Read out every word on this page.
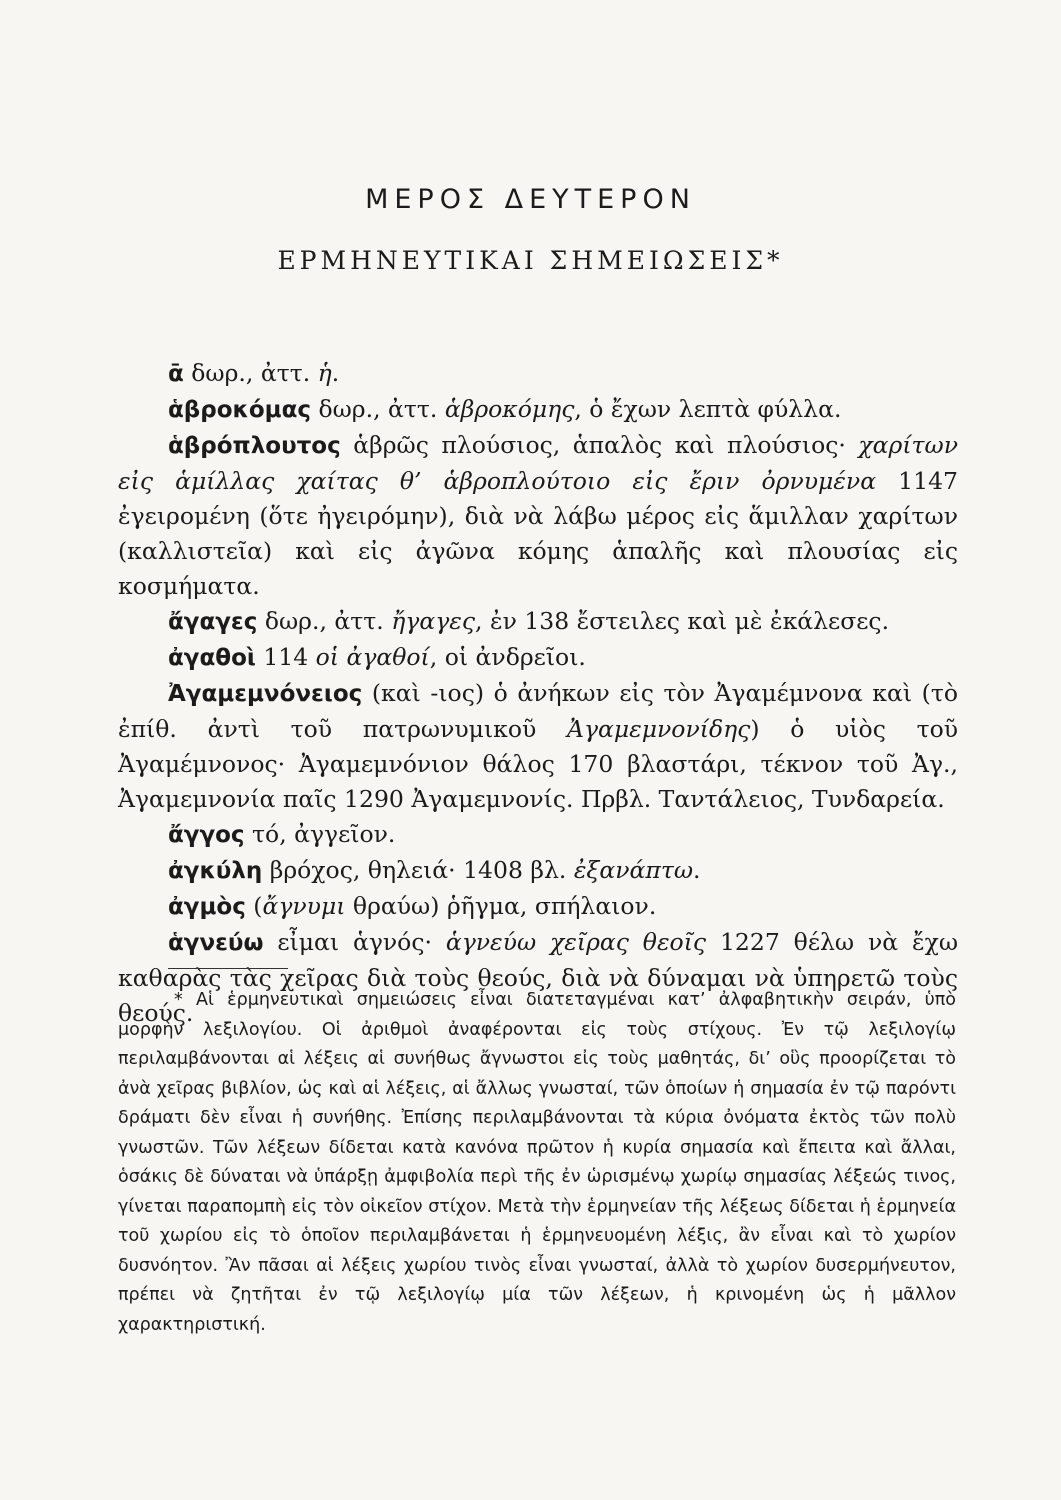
ΜΕΡΟΣ ΔΕΥΤΕΡΟΝ
ΕΡΜΗΝΕΥΤΙΚΑΙ ΣΗΜΕΙΩΣΕΙΣ*

ᾱ δωρ., ἀττ. ἡ.

ἁβροκόμας δωρ., ἀττ. ἁβροκόμης, ὁ ἔχων λεπτὰ φύλλα.

ἁβρόπλουτος ἁβρῶς πλούσιος, ἁπαλὸς καὶ πλούσιος· χαρίτων εἰς ἁμίλλας χαίτας θ’ ἁβροπλούτοιο εἰς ἔριν ὀρνυμένα 1147 ἐγειρομένη (ὅτε ἠγειρόμην), διὰ νὰ λάβω μέρος εἰς ἅμιλλαν χαρίτων (καλλιστεῖα) καὶ εἰς ἀγῶνα κόμης ἁπαλῆς καὶ πλουσίας εἰς κοσμήματα.

ἄγαγες δωρ., ἀττ. ἤγαγες, ἐν 138 ἔστειλες καὶ μὲ ἐκάλεσες.

ἀγαθοὶ 114 οἱ ἀγαθοί, οἱ ἀνδρεῖοι.

Ἀγαμεμνόνειος (καὶ -ιος) ὁ ἀνήκων εἰς τὸν Ἀγαμέμνονα καὶ (τὸ ἐπίθ. ἀντὶ τοῦ πατρωνυμικοῦ Ἀγαμεμνονίδης) ὁ υἱὸς τοῦ Ἀγαμέμνονος· Ἀγαμεμνόνιον θάλος 170 βλαστάρι, τέκνον τοῦ Ἀγ., Ἀγαμεμνονία παῖς 1290 Ἀγαμεμνονίς. Πρβλ. Ταντάλειος, Τυνδαρεία.

ἄγγος τό, ἀγγεῖον.

ἀγκύλη βρόχος, θηλειά· 1408 βλ. ἐξανάπτω.

ἀγμὸς (ἄγνυμι θραύω) ῥῆγμα, σπήλαιον.

ἁγνεύω εἶμαι ἁγνός· ἁγνεύω χεῖρας θεοῖς 1227 θέλω νὰ ἔχω καθαρὰς τὰς χεῖρας διὰ τοὺς θεούς, διὰ νὰ δύναμαι νὰ ὑπηρετῶ τοὺς θεούς.

* Αἱ ἑρμηνευτικαὶ σημειώσεις εἶναι διατεταγμέναι κατ’ ἀλφαβητικὴν σειράν, ὑπὸ μορφὴν λεξιλογίου. Οἱ ἀριθμοὶ ἀναφέρονται εἰς τοὺς στίχους. Ἐν τῷ λεξιλογίῳ περιλαμβάνονται αἱ λέξεις αἱ συνήθως ἄγνωστοι εἰς τοὺς μαθητάς, δι’ οὓς προορίζεται τὸ ἀνὰ χεῖρας βιβλίον, ὡς καὶ αἱ λέξεις, αἱ ἄλλως γνωσταί, τῶν ὁποίων ἡ σημασία ἐν τῷ παρόντι δράματι δὲν εἶναι ἡ συνήθης. Ἐπίσης περιλαμβάνονται τὰ κύρια ὀνόματα ἐκτὸς τῶν πολὺ γνωστῶν. Τῶν λέξεων δίδεται κατὰ κανόνα πρῶτον ἡ κυρία σημασία καὶ ἔπειτα καὶ ἄλλαι, ὁσάκις δὲ δύναται νὰ ὑπάρξῃ ἀμφιβολία περὶ τῆς ἐν ὡρισμένῳ χωρίῳ σημασίας λέξεώς τινος, γίνεται παραπομπὴ εἰς τὸν οἰκεῖον στίχον. Μετὰ τὴν ἑρμηνείαν τῆς λέξεως δίδεται ἡ ἑρμηνεία τοῦ χωρίου εἰς τὸ ὁποῖον περιλαμβάνεται ἡ ἑρμηνευομένη λέξις, ἂν εἶναι καὶ τὸ χωρίον δυσνόητον. Ἂν πᾶσαι αἱ λέξεις χωρίου τινὸς εἶναι γνωσταί, ἀλλὰ τὸ χωρίον δυσερμήνευτον, πρέπει νὰ ζητῆται ἐν τῷ λεξιλογίῳ μία τῶν λέξεων, ἡ κρινομένη ὡς ἡ μᾶλλον χαρακτηριστική.
